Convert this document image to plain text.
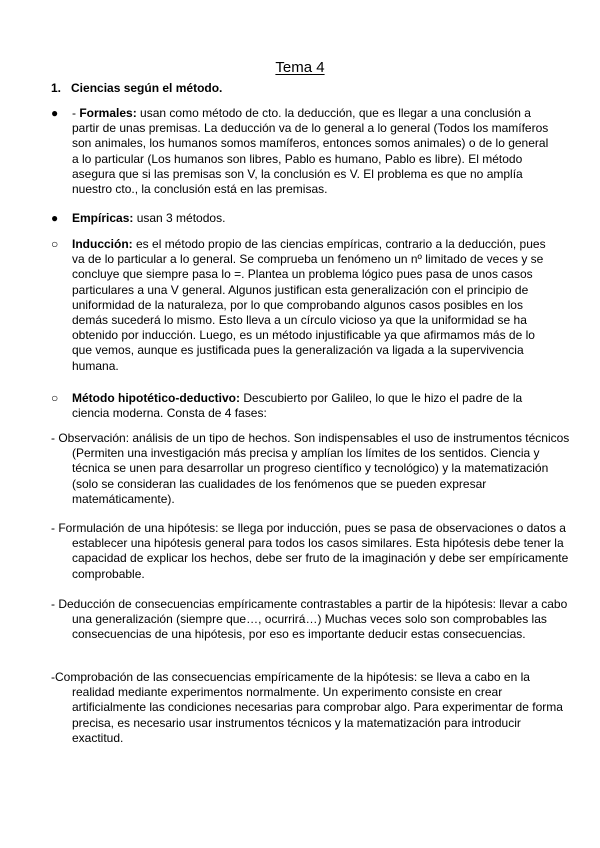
Tema 4
1. Ciencias según el método.
●	- Formales: usan como método de cto. la deducción, que es llegar a una conclusión a partir de unas premisas. La deducción va de lo general a lo general (Todos los mamíferos son animales, los humanos somos mamíferos, entonces somos animales) o de lo general a lo particular (Los humanos son libres, Pablo es humano, Pablo es libre). El método asegura que si las premisas son V, la conclusión es V. El problema es que no amplía nuestro cto., la conclusión está en las premisas.

●	Empíricas: usan 3 métodos.

○	Inducción: es el método propio de las ciencias empíricas, contrario a la deducción, pues va de lo particular a lo general. Se comprueba un fenómeno un nº limitado de veces y se concluye que siempre pasa lo =. Plantea un problema lógico pues pasa de unos casos particulares a una V general. Algunos justifican esta generalización con el principio de uniformidad de la naturaleza, por lo que comprobando algunos casos posibles en los demás sucederá lo mismo. Esto lleva a un círculo vicioso ya que la uniformidad se ha obtenido por inducción. Luego, es un método injustificable ya que afirmamos más de lo que vemos, aunque es justificada pues la generalización va ligada a la supervivencia humana.

○	Método hipotético-deductivo: Descubierto por Galileo, lo que le hizo el padre de la ciencia moderna. Consta de 4 fases:

- Observación: análisis de un tipo de hechos. Son indispensables el uso de instrumentos técnicos (Permiten una investigación más precisa y amplían los límites de los sentidos. Ciencia y técnica se unen para desarrollar un progreso científico y tecnológico) y la matematización (solo se consideran las cualidades de los fenómenos que se pueden expresar matemáticamente).

- Formulación de una hipótesis: se llega por inducción, pues se pasa de observaciones o datos a establecer una hipótesis general para todos los casos similares. Esta hipótesis debe tener la capacidad de explicar los hechos, debe ser fruto de la imaginación y debe ser empíricamente comprobable.

- Deducción de consecuencias empíricamente contrastables a partir de la hipótesis: llevar a cabo una generalización (siempre que…, ocurrirá…) Muchas veces solo son comprobables las consecuencias de una hipótesis, por eso es importante deducir estas consecuencias.

-Comprobación de las consecuencias empíricamente de la hipótesis: se lleva a cabo en la realidad mediante experimentos normalmente. Un experimento consiste en crear artificialmente las condiciones necesarias para comprobar algo. Para experimentar de forma precisa, es necesario usar instrumentos técnicos y la matematización para introducir exactitud.
